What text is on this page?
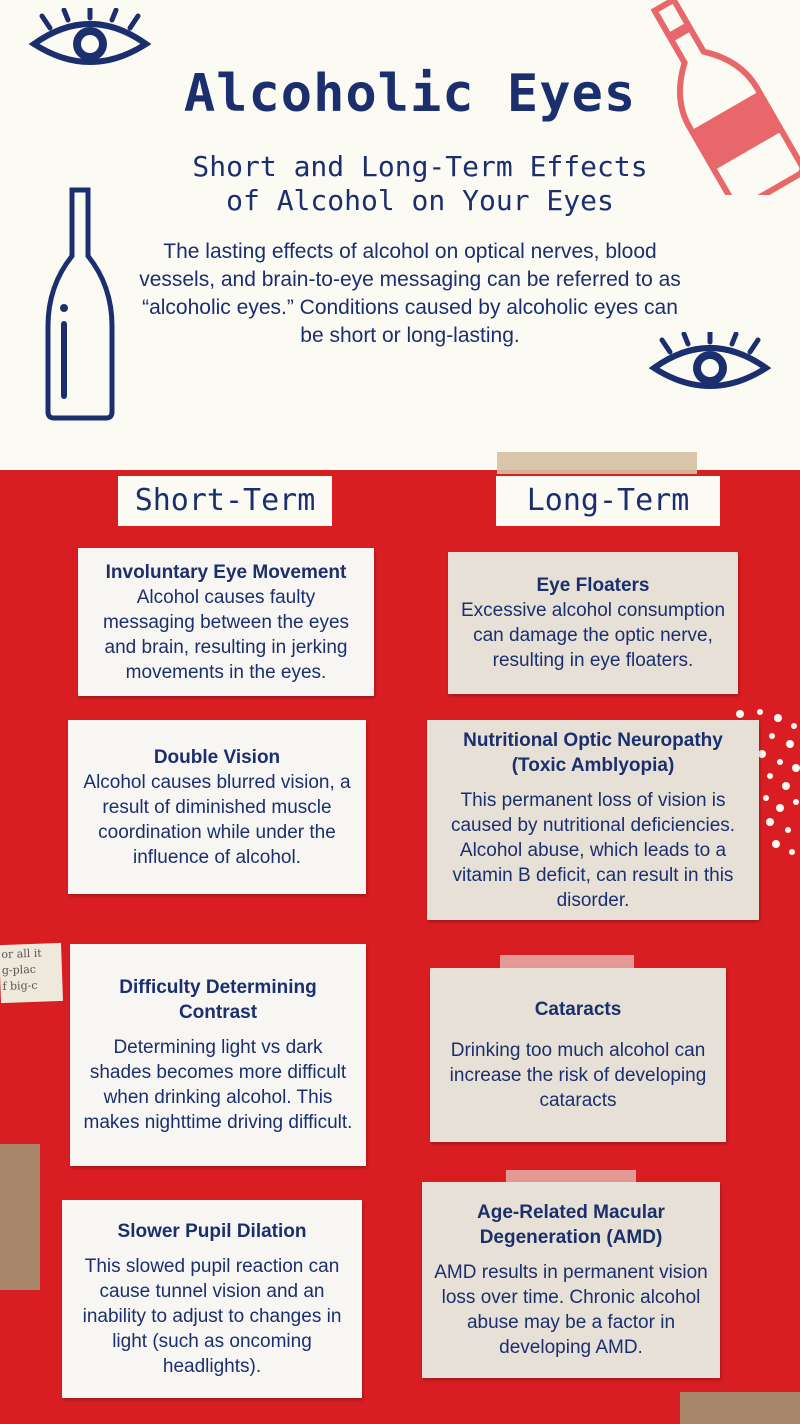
Alcoholic Eyes
Short and Long-Term Effects
of Alcohol on Your Eyes
The lasting effects of alcohol on optical nerves, blood vessels, and brain-to-eye messaging can be referred to as “alcoholic eyes.” Conditions caused by alcoholic eyes can be short or long-lasting.
or all it
g-plac
f big-c
Short-Term	Long-Term
Involuntary Eye Movement
Alcohol causes faulty messaging between the eyes and brain, resulting in jerking movements in the eyes.
Double Vision
Alcohol causes blurred vision, a result of diminished muscle coordination while under the influence of alcohol.
Difficulty Determining Contrast
Determining light vs dark shades becomes more difficult when drinking alcohol. This makes nighttime driving difficult.
Slower Pupil Dilation
This slowed pupil reaction can cause tunnel vision and an inability to adjust to changes in light (such as oncoming headlights).
Eye Floaters
Excessive alcohol consumption can damage the optic nerve, resulting in eye floaters.
Nutritional Optic Neuropathy (Toxic Amblyopia)
This permanent loss of vision is caused by nutritional deficiencies. Alcohol abuse, which leads to a vitamin B deficit, can result in this disorder.
Cataracts
Drinking too much alcohol can increase the risk of developing cataracts
Age-Related Macular Degeneration (AMD)
AMD results in permanent vision loss over time. Chronic alcohol abuse may be a factor in developing AMD.
